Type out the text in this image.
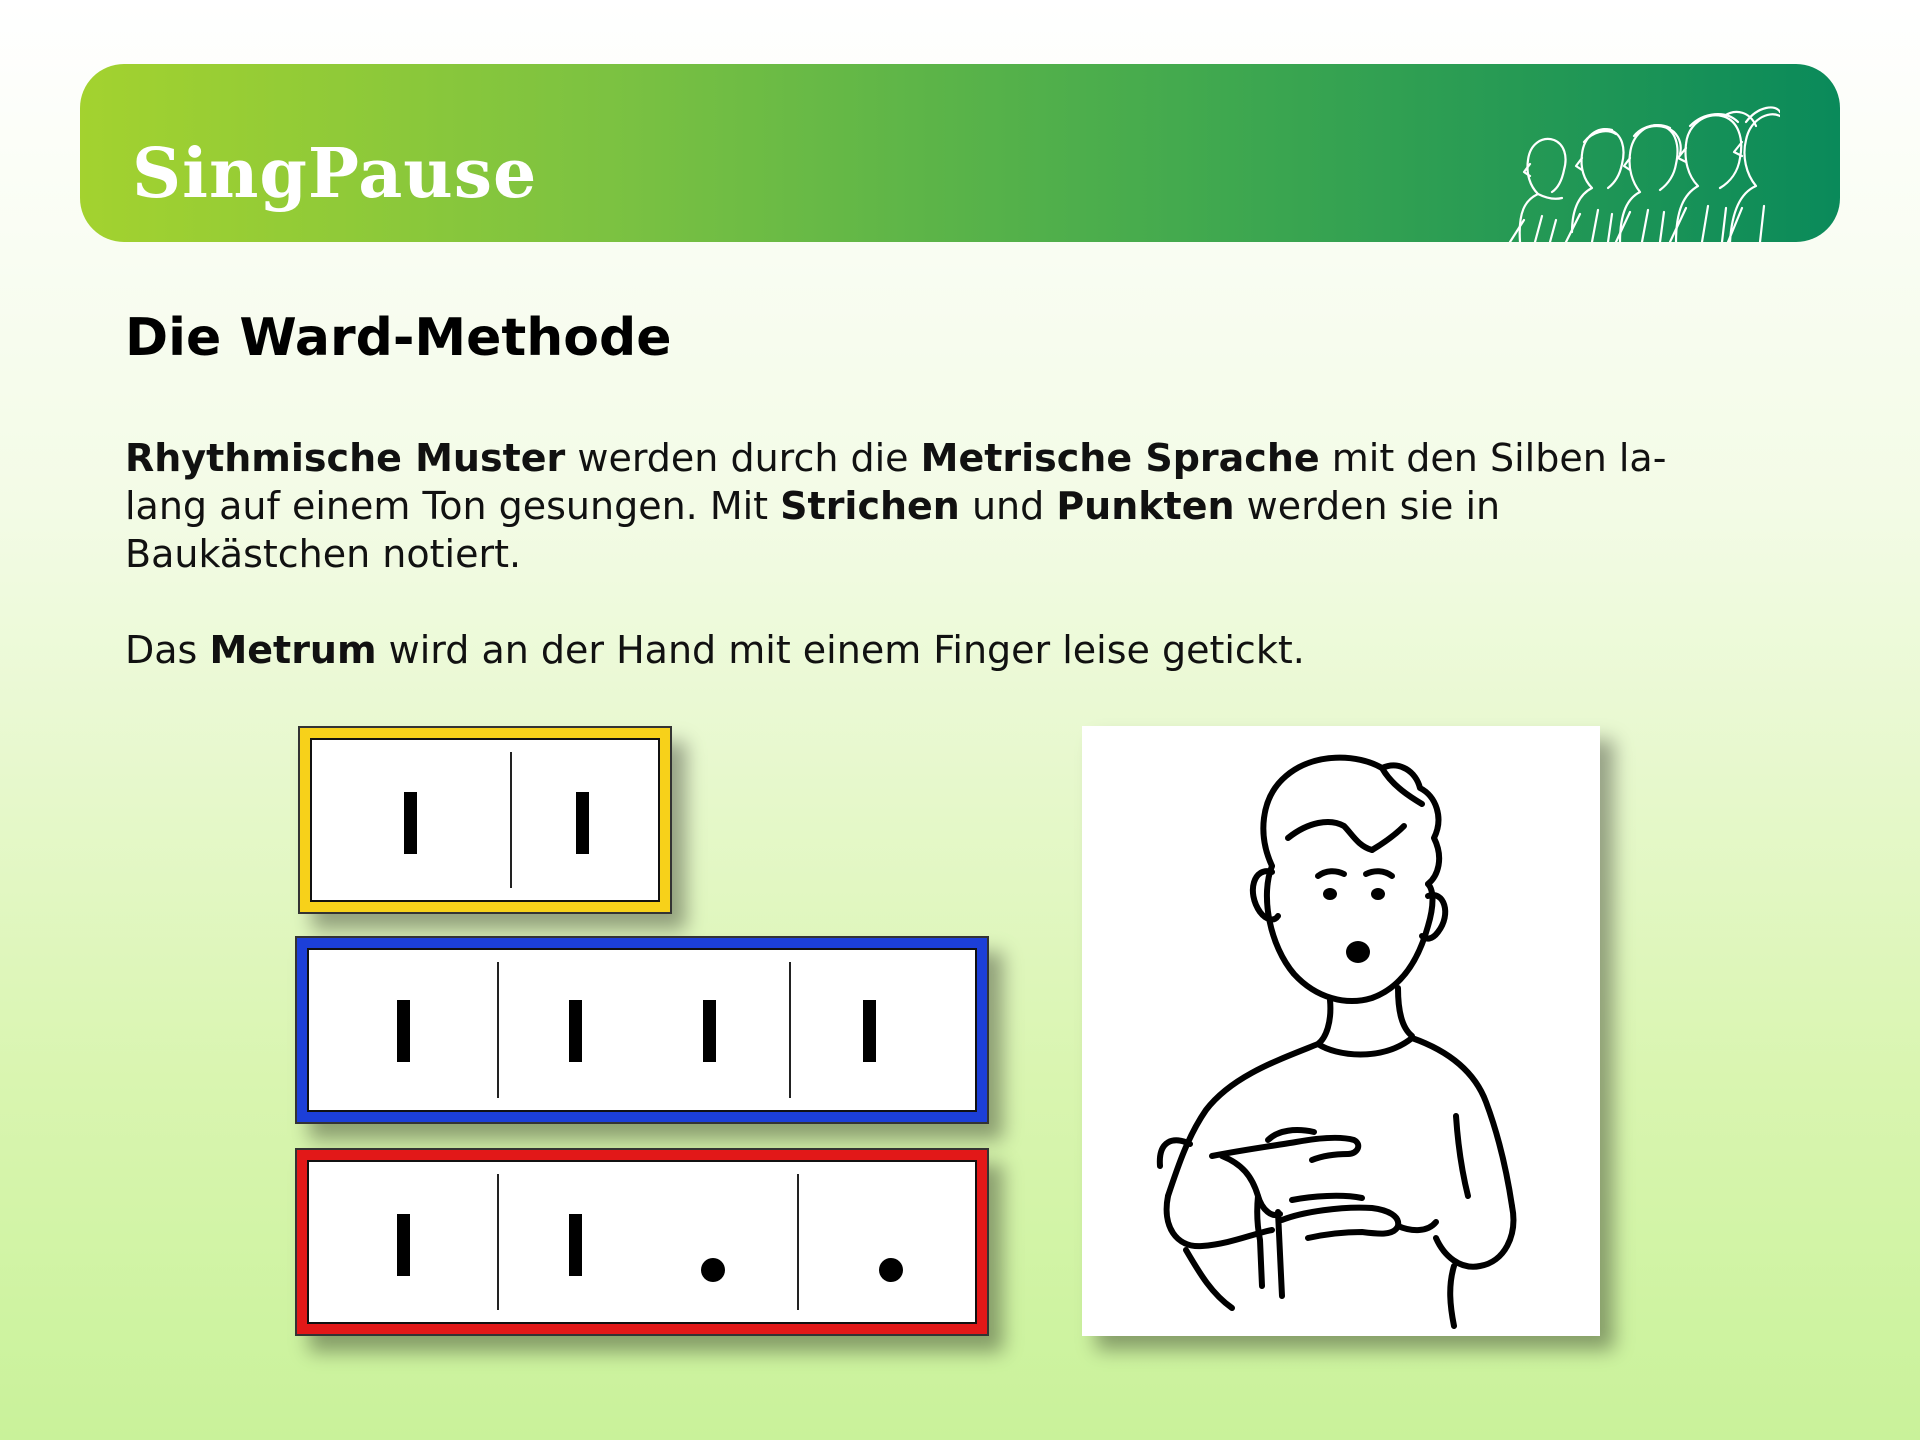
SingPause
Die Ward-Methode

Rhythmische Muster werden durch die Metrische Sprache mit den Silben la-lang auf einem Ton gesungen. Mit Strichen und Punkten werden sie in Baukästchen notiert.

Das Metrum wird an der Hand mit einem Finger leise getickt.
